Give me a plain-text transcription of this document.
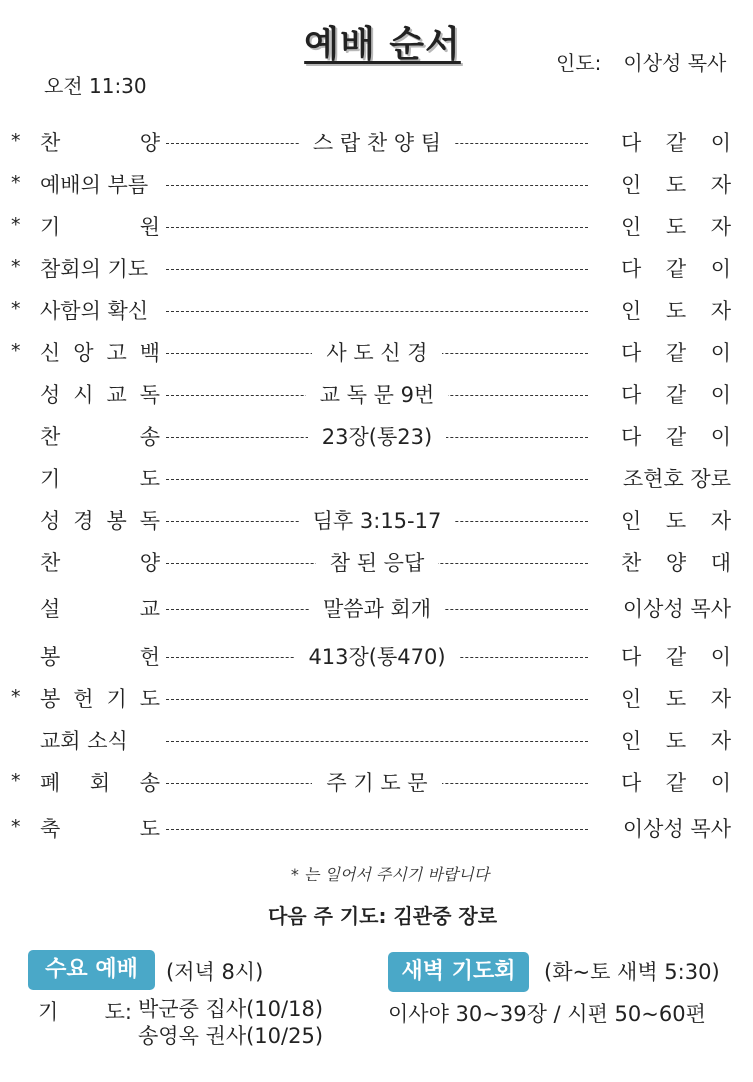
예배 순서
오전 11:30
인도: 이상성 목사
* 찬	양	스 랍 찬 양 팀	다 같 이
* 예배의 부름	인 도 자
* 기	원	인 도 자
* 참회의 기도	다 같 이
* 사함의 확신	인 도 자
* 신 앙 고 백	사 도 신 경	다 같 이
성 시 교 독	교 독 문 9번	다 같 이
찬	송	23장(통23)	다 같 이
기	도	조현호 장로
성 경 봉 독	딤후 3:15-17	인 도 자
찬	양	참 된 응답	찬 양 대
설	교	말씀과 회개	이상성 목사
봉	헌	413장(통470)	다 같 이
* 봉 헌 기 도	인 도 자
교회 소식	인 도 자
* 폐 회 송	주 기 도 문	다 같 이
* 축	도	이상성 목사
* 는 일어서 주시기 바랍니다
다음 주 기도: 김관중 장로
수요 예배	(저녁 8시)
기 도: 박군중 집사(10/18)
송영옥 권사(10/25)
새벽 기도회	(화~토 새벽 5:30)
이사야 30~39장 / 시편 50~60편
